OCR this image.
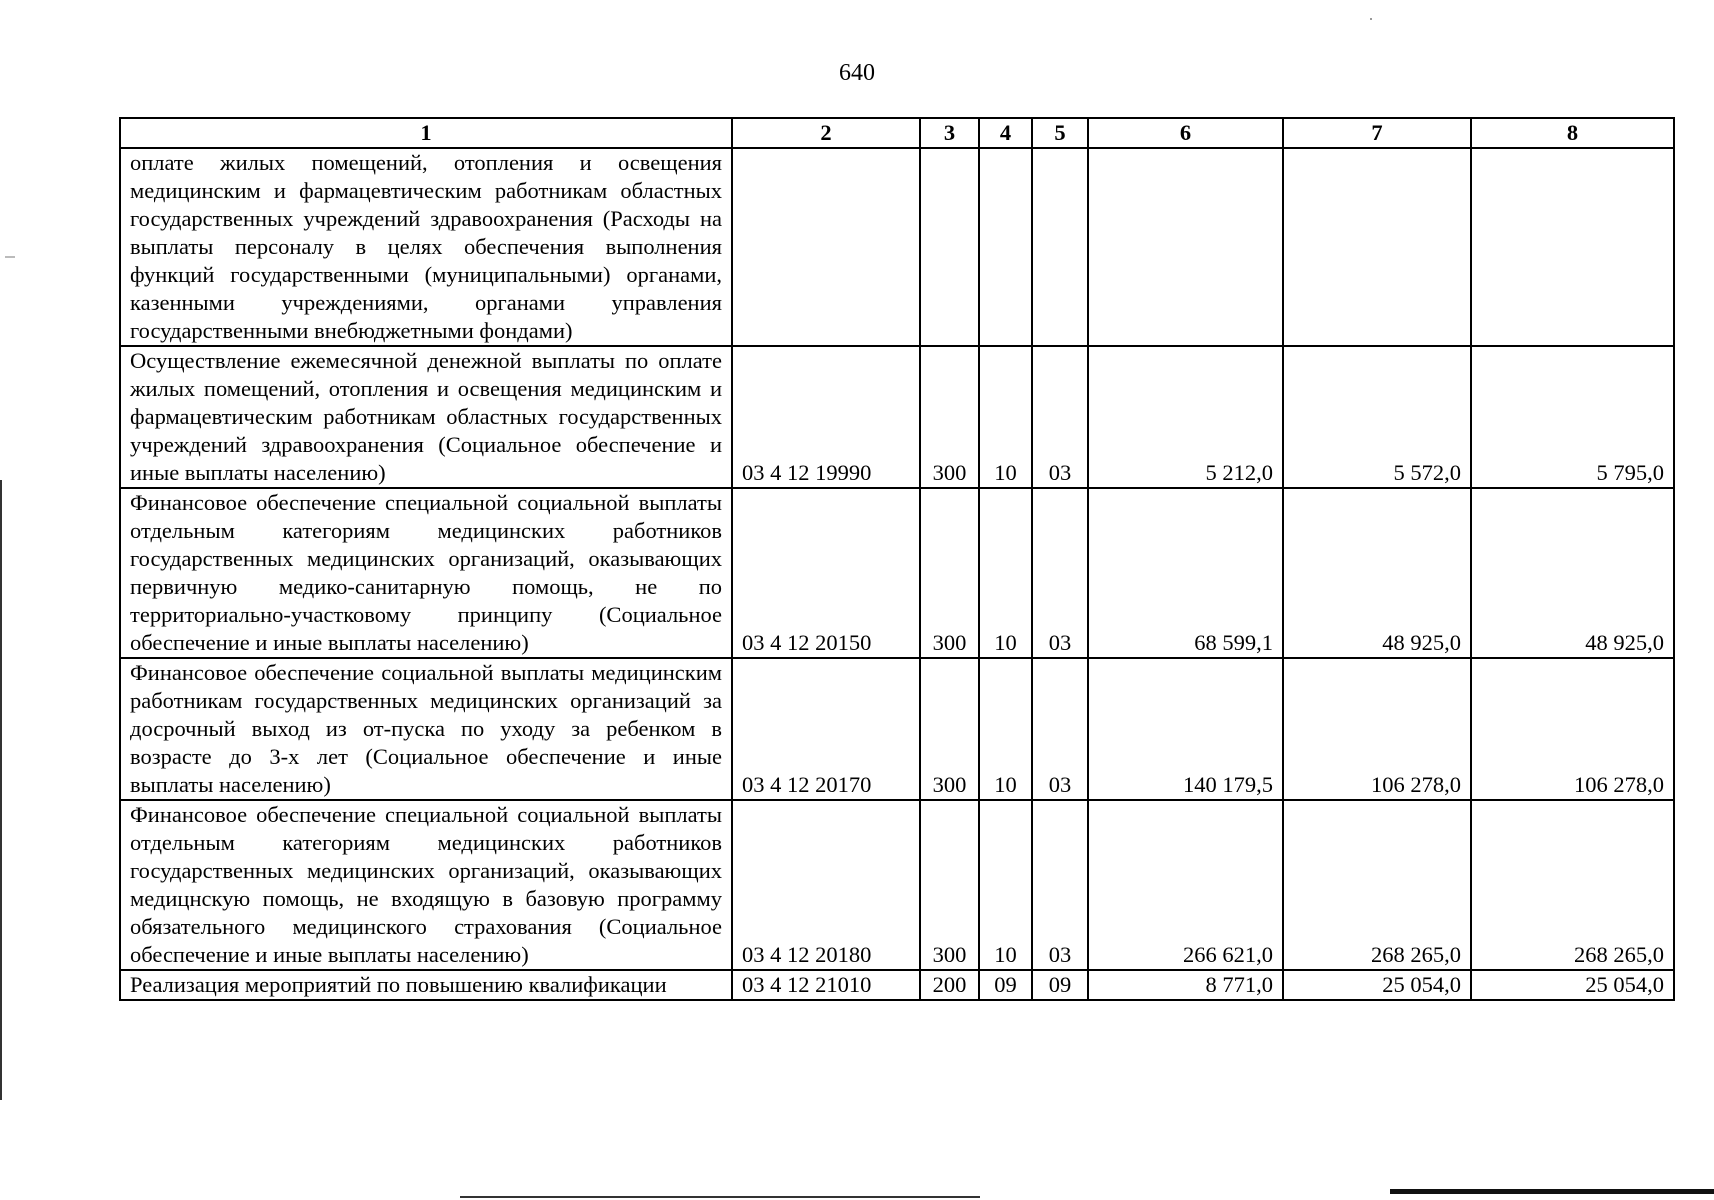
640
1	2	3	4	5	6	7	8
оплате жилых помещений, отопления и освещения медицинским и фармацевтическим работникам областных государственных учреждений здравоохранения (Расходы на выплаты персоналу в целях обеспечения выполнения функций государственными (муниципальными) органами, казенными учреждениями, органами управления государственными внебюджетными фондами)							
Осуществление ежемесячной денежной выплаты по оплате жилых помещений, отопления и освещения медицинским и фармацевтическим работникам областных государственных учреждений здравоохранения (Социальное обеспечение и иные выплаты населению)	03 4 12 19990	300	10	03	5 212,0	5 572,0	5 795,0
Финансовое обеспечение специальной социальной выплаты отдельным категориям медицинских работников государственных медицинских организаций, оказывающих первичную медико-санитарную помощь, не по территориально-участковому принципу (Социальное обеспечение и иные выплаты населению)	03 4 12 20150	300	10	03	68 599,1	48 925,0	48 925,0
Финансовое обеспечение социальной выплаты медицинским работникам государственных медицинских организаций за досрочный выход из от-пуска по уходу за ребенком в возрасте до 3-х лет (Социальное обеспечение и иные выплаты населению)	03 4 12 20170	300	10	03	140 179,5	106 278,0	106 278,0
Финансовое обеспечение специальной социальной выплаты отдельным категориям медицинских работников государственных медицинских организаций, оказывающих медицнскую помощь, не входящую в базовую программу обязательного медицинского страхования (Социальное обеспечение и иные выплаты населению)	03 4 12 20180	300	10	03	266 621,0	268 265,0	268 265,0
Реализация мероприятий по повышению квалификации	03 4 12 21010	200	09	09	8 771,0	25 054,0	25 054,0
